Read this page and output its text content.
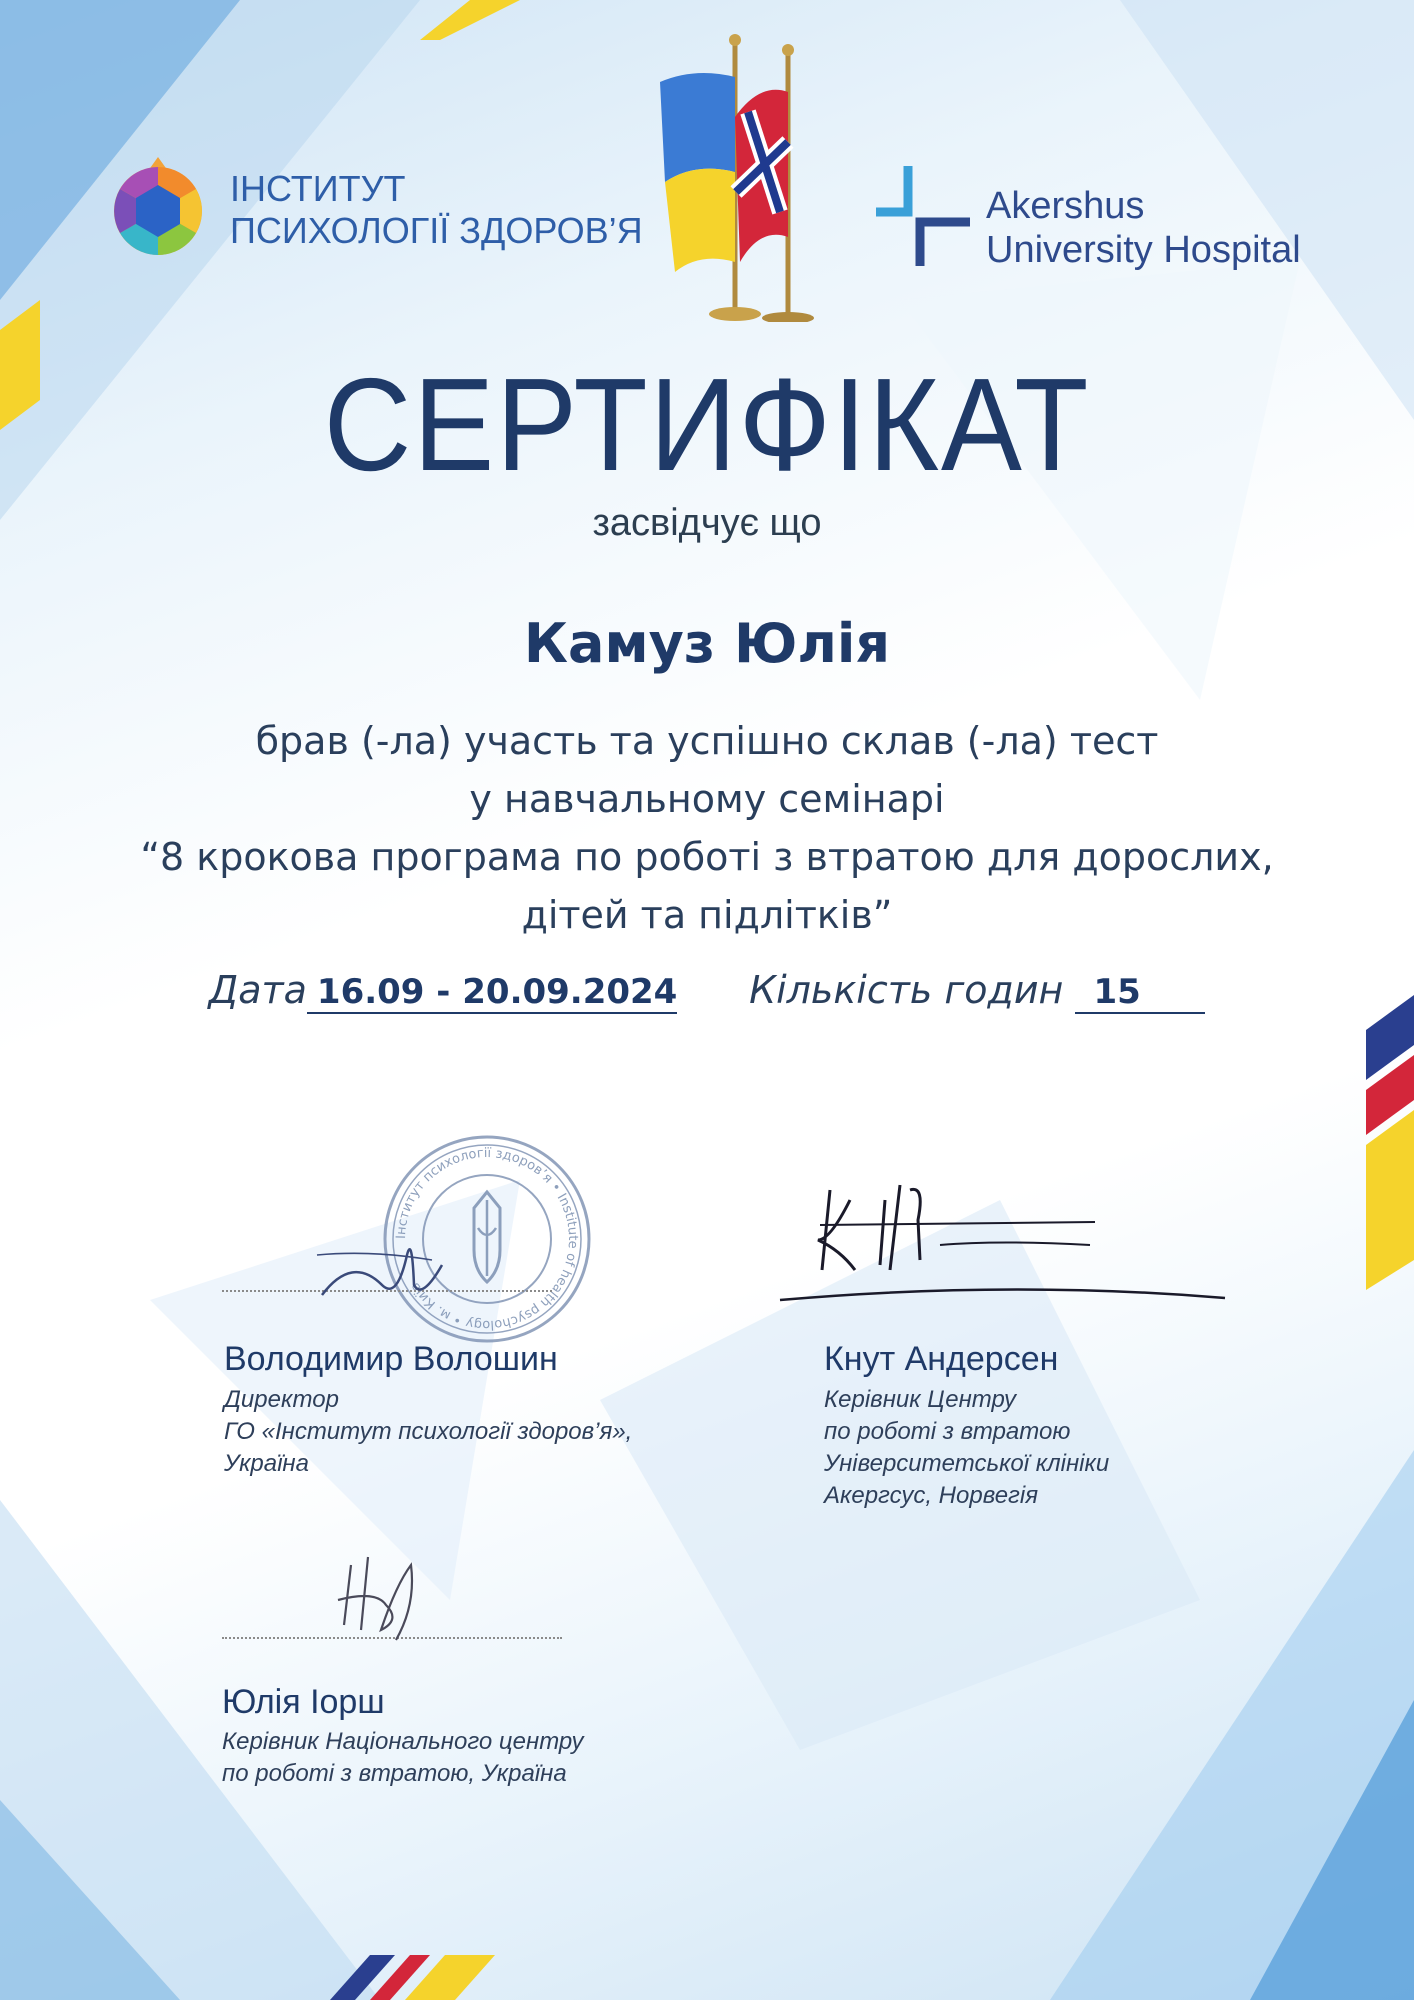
ІНСТИТУТ
ПСИХОЛОГІЇ ЗДОРОВ’Я
Akershus
University Hospital
СЕРТИФІКАТ
засвідчує що
Камуз Юлія
брав (-ла) участь та успішно склав (-ла) тест
у навчальному семінарі
“8 крокова програма по роботі з втратою для дорослих,
дітей та підлітків”
Дата 16.09 - 20.09.2024 Кількість годин 15
Інститут психології здоров’я • Institute of health psychology • м. Київ
Володимир Волошин
Директор
ГО «Інститут психології здоров’я»,
Україна
Кнут Андерсен
Керівник Центру
по роботі з втратою
Університетської клініки
Акергсус, Норвегія
Юлія Іорш
Керівник Національного центру
по роботі з втратою, Україна
